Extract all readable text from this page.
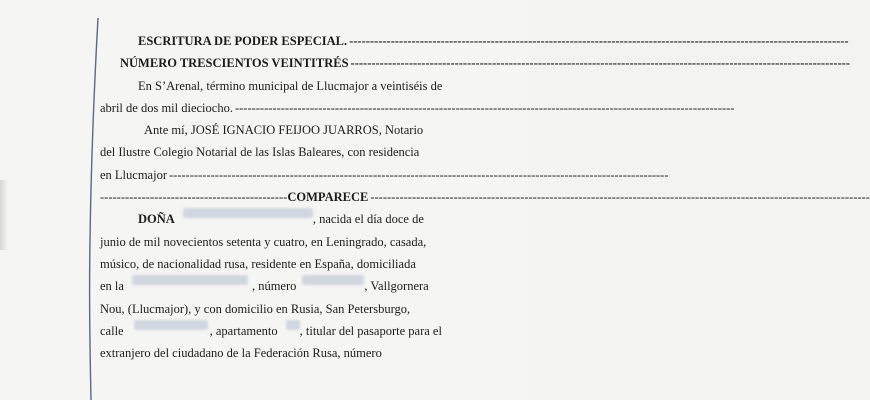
ESCRITURA DE PODER ESPECIAL.
-----
NÚMERO TRESCIENTOS VEINTITRÉS
-----
En S’Arenal, término municipal de Llucmajor a veintiséis de
abril de dos mil dieciocho.
-----
Ante mí, JOSÉ IGNACIO FEIJOO JUARROS, Notario
del Ilustre Colegio Notarial de las Islas Baleares, con residencia
en Llucmajor
-----
--------------------------------------------- COMPARECE
-----
DOÑA	, nacida el día doce de
junio de mil novecientos setenta y cuatro, en Leningrado, casada,
músico, de nacionalidad rusa, residente en España, domiciliada
en la	, número	, Vallgornera
Nou, (Llucmajor), y con domicilio en Rusia, San Petersburgo,
calle	, apartamento , titular del pasaporte para el
extranjero del ciudadano de la Federación Rusa, número
